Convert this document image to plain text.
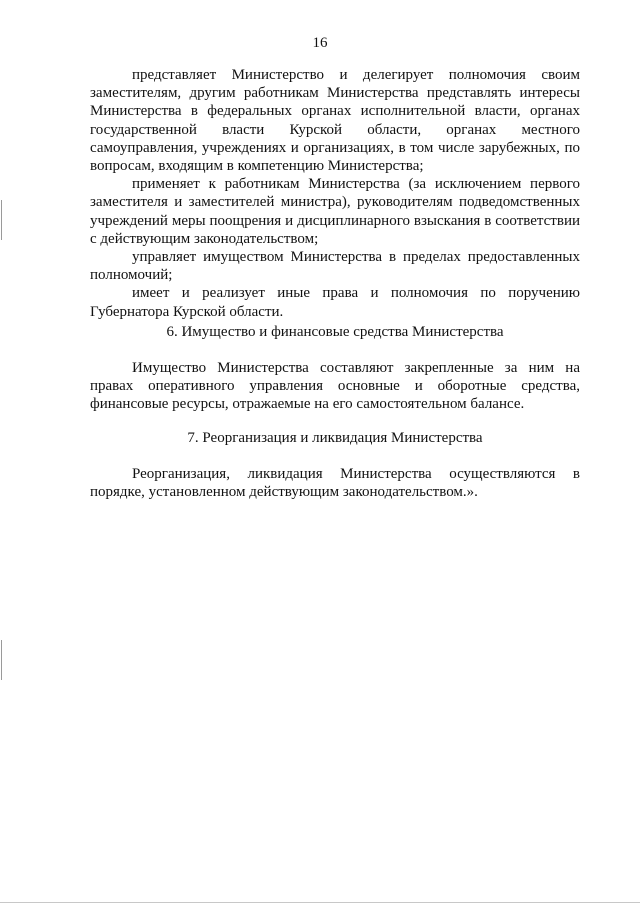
16

представляет Министерство и делегирует полномочия своим заместителям, другим работникам Министерства представлять интересы Министерства в федеральных органах исполнительной власти, органах государственной власти Курской области, органах местного самоуправления, учреждениях и организациях, в том числе зарубежных, по вопросам, входящим в компетенцию Министерства;

применяет к работникам Министерства (за исключением первого заместителя и заместителей министра), руководителям подведомственных учреждений меры поощрения и дисциплинарного взыскания в соответствии с действующим законодательством;

управляет имуществом Министерства в пределах предоставленных полномочий;

имеет и реализует иные права и полномочия по поручению Губернатора Курской области.

6. Имущество и финансовые средства Министерства

Имущество Министерства составляют закрепленные за ним на правах оперативного управления основные и оборотные средства, финансовые ресурсы, отражаемые на его самостоятельном балансе.

7. Реорганизация и ликвидация Министерства

Реорганизация, ликвидация Министерства осуществляются в порядке, установленном действующим законодательством.».
